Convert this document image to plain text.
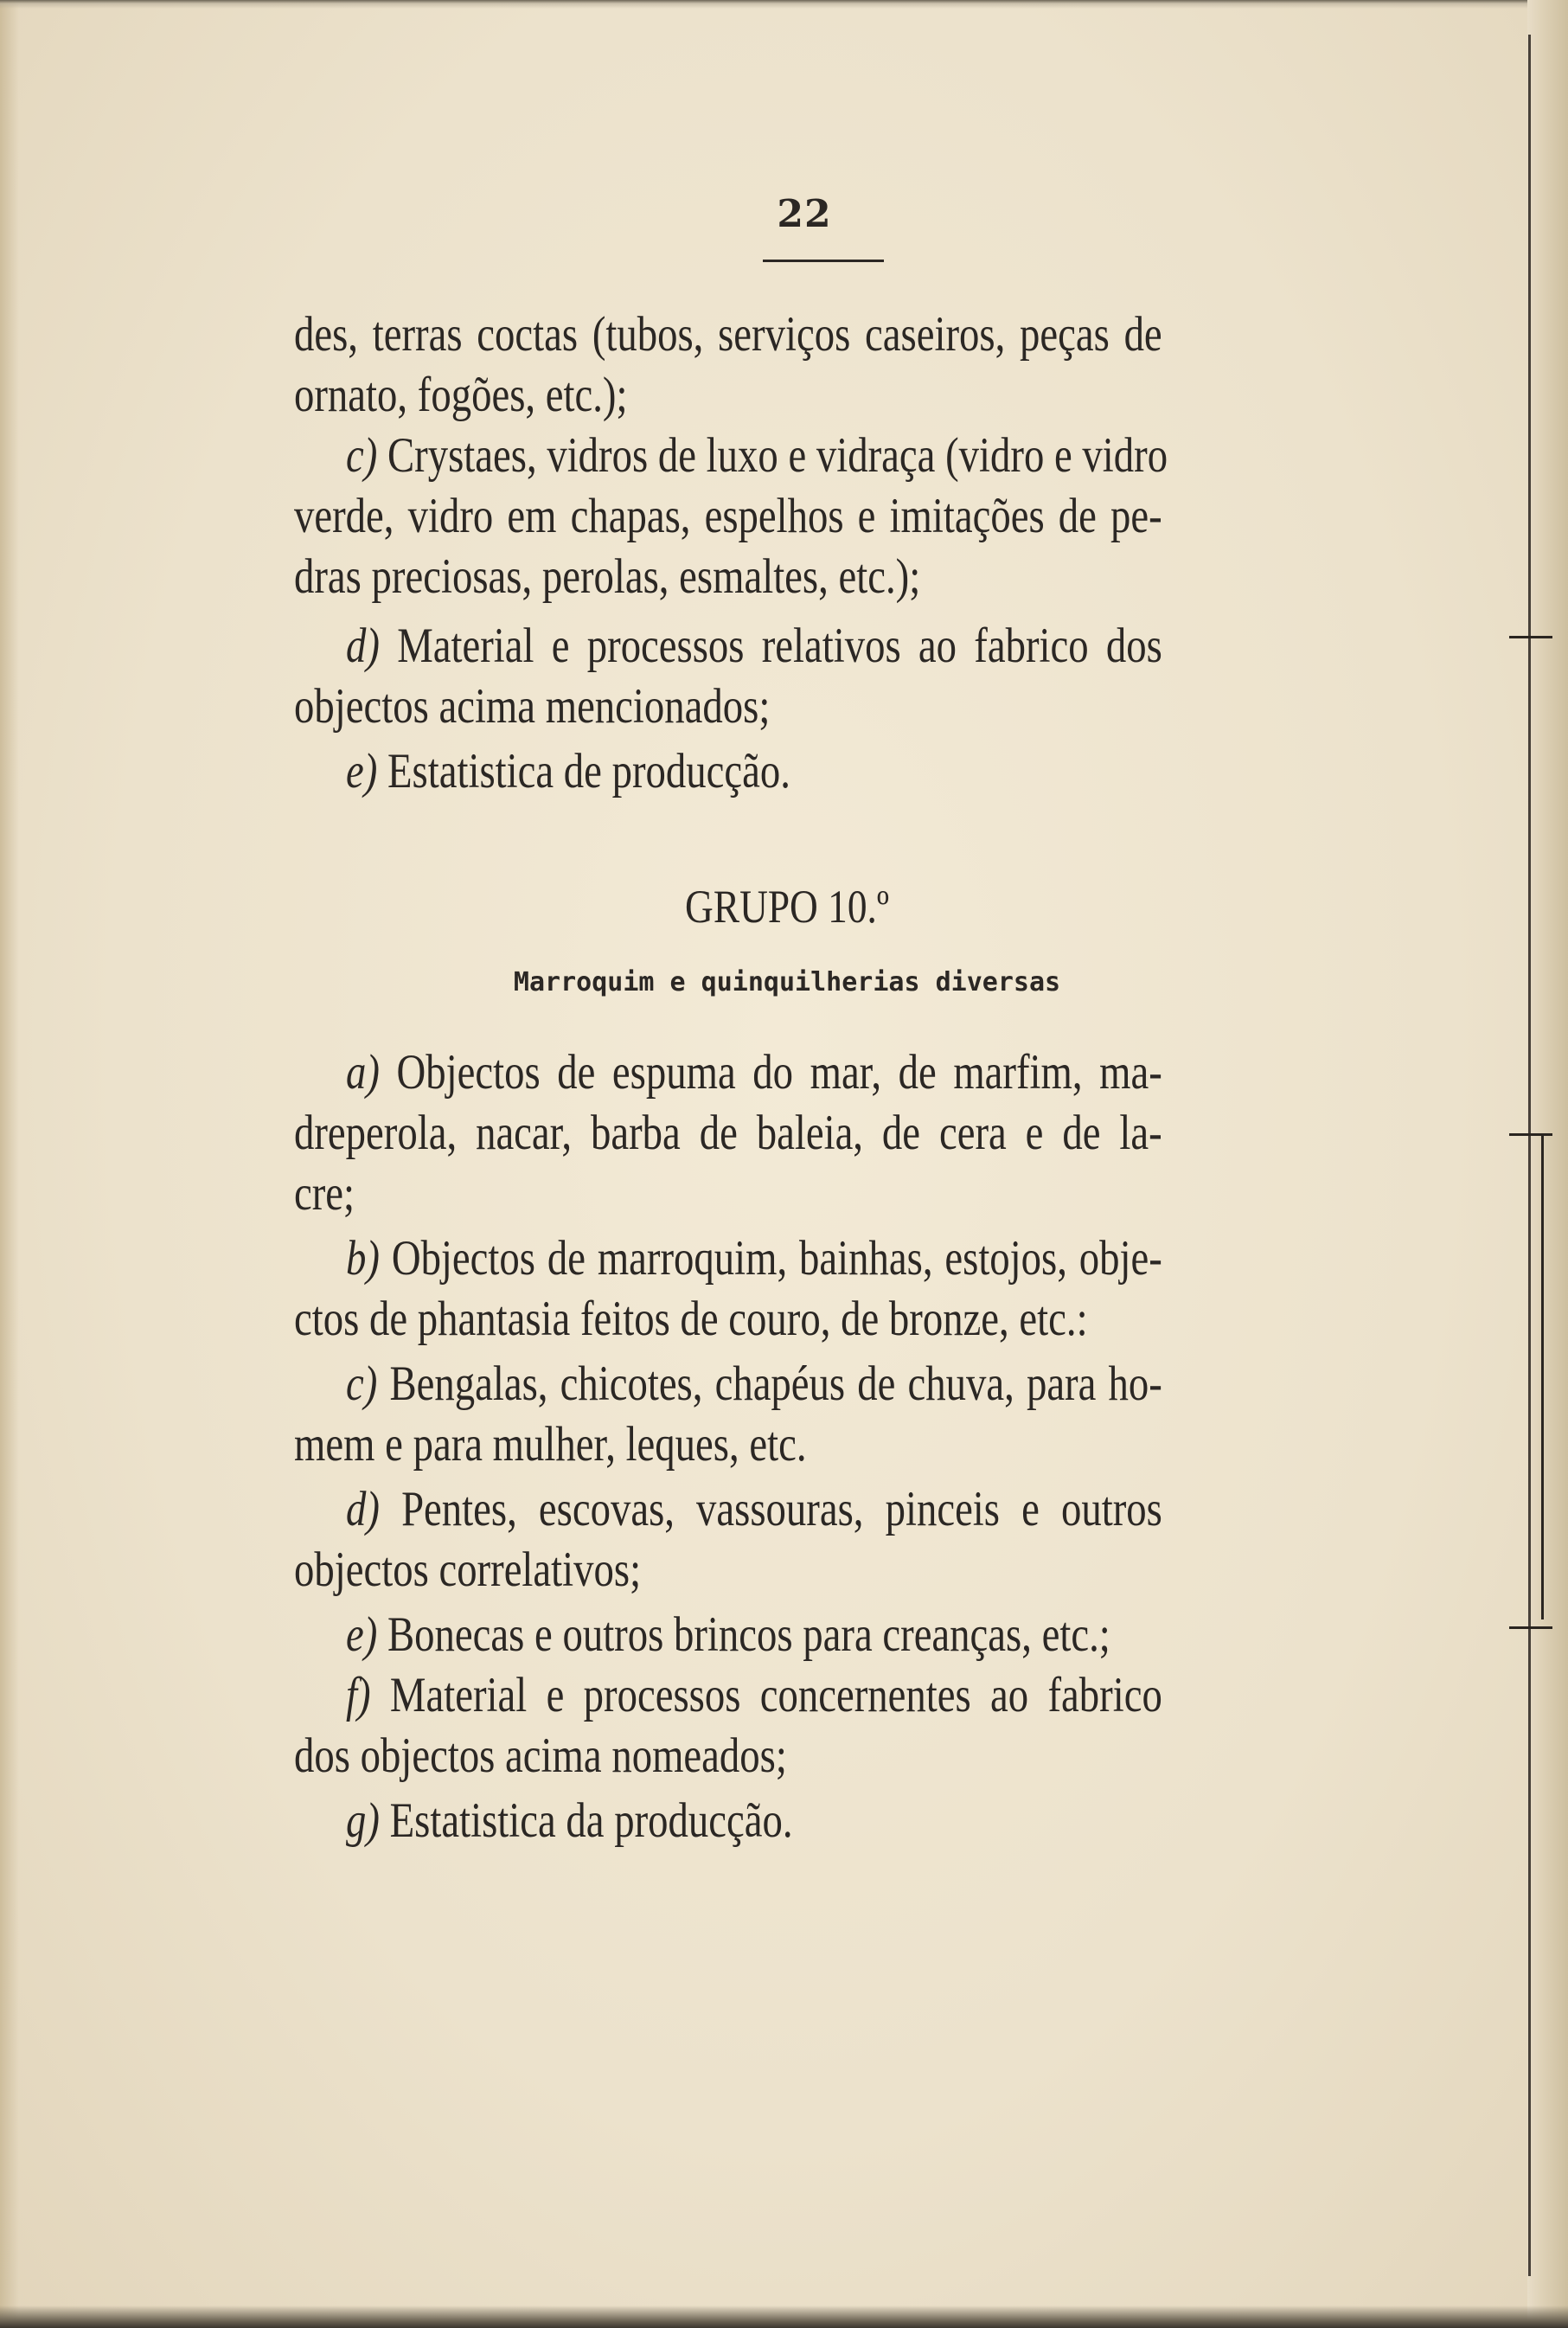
22
des, terras coctas (tubos, serviços caseiros, peças de
ornato, fogões, etc.);
c) Crystaes, vidros de luxo e vidraça (vidro e vidro
verde, vidro em chapas, espelhos e imitações de pe-
dras preciosas, perolas, esmaltes, etc.);
d) Material e processos relativos ao fabrico dos
objectos acima mencionados;
e) Estatistica de producção.
GRUPO 10.º
Marroquim e quinquilherias diversas
a) Objectos de espuma do mar, de marfim, ma-
dreperola, nacar, barba de baleia, de cera e de la-
cre;
b) Objectos de marroquim, bainhas, estojos, obje-
ctos de phantasia feitos de couro, de bronze, etc.:
c) Bengalas, chicotes, chapéus de chuva, para ho-
mem e para mulher, leques, etc.
d) Pentes, escovas, vassouras, pinceis e outros
objectos correlativos;
e) Bonecas e outros brincos para creanças, etc.;
f) Material e processos concernentes ao fabrico
dos objectos acima nomeados;
g) Estatistica da producção.
